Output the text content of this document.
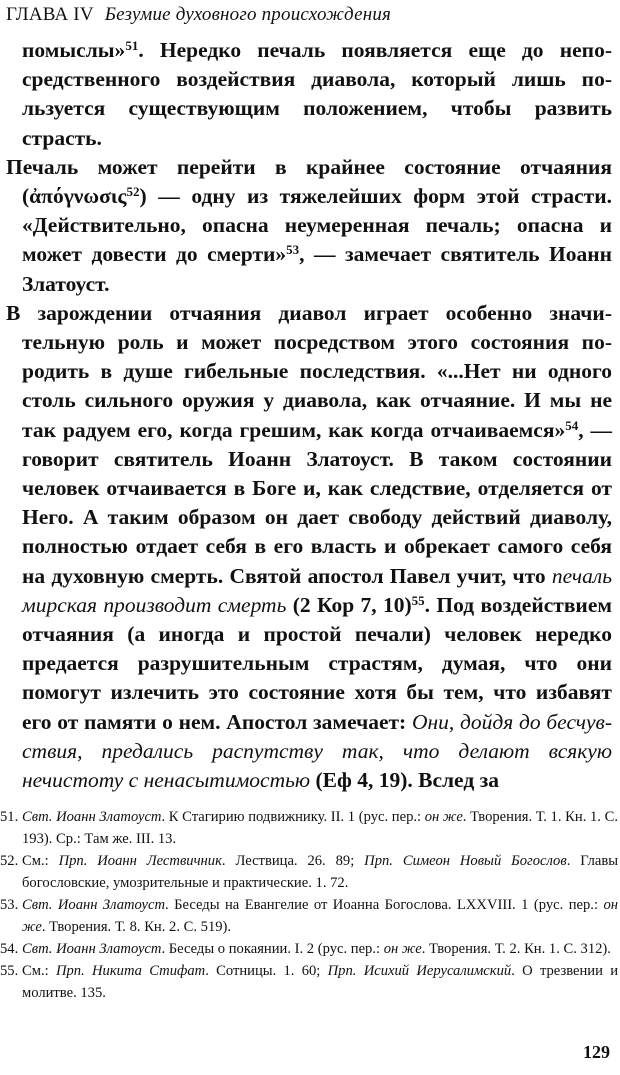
ГЛАВА IV Безумие духовного происхождения

помыслы»$^{51}$. Нередко печаль появляется еще до непосредственного воздействия диавола, который лишь пользуется существующим положением, чтобы развить страсть.

Печаль может перейти в крайнее состояние отчаяния (ἀπόγνωσις$^{52}$) — одну из тяжелейших форм этой страсти. «Действительно, опасна неумеренная печаль; опасна и может довести до смерти»$^{53}$, — замечает святитель Иоанн Златоуст.

В зарождении отчаяния диавол играет особенно значительную роль и может посредством этого состояния породить в душе гибельные последствия. «...Нет ни одного столь сильного оружия у диавола, как отчаяние. И мы не так радуем его, когда грешим, как когда отчаиваемся»$^{54}$, — говорит святитель Иоанн Златоуст. В таком состоянии человек отчаивается в Боге и, как следствие, отделяется от Него. А таким образом он дает свободу действий диаволу, полностью отдает себя в его власть и обрекает самого себя на духовную смерть. Святой апостол Павел учит, что печаль мирская производит смерть (2 Кор 7, 10)$^{55}$. Под воздействием отчаяния (а иногда и простой печали) человек нередко предается разрушительным страстям, думая, что они помогут излечить это состояние хотя бы тем, что избавят его от памяти о нем. Апостол замечает: Они, дойдя до бесчувствия, предались распутству так, что делают всякую нечистоту с ненасытимостью (Еф 4, 19). Вслед за

51. Свт. Иоанн Златоуст. К Стагирию подвижнику. II. 1 (рус. пер.: он же. Творения. Т. 1. Кн. 1. С. 193). Ср.: Там же. III. 13.

52. См.: Прп. Иоанн Лествичник. Лествица. 26. 89; Прп. Симеон Новый Богослов. Главы богословские, умозрительные и практические. 1. 72.

53. Свт. Иоанн Златоуст. Беседы на Евангелие от Иоанна Богослова. LXXVIII. 1 (рус. пер.: он же. Творения. Т. 8. Кн. 2. С. 519).

54. Свт. Иоанн Златоуст. Беседы о покаянии. I. 2 (рус. пер.: он же. Творения. Т. 2. Кн. 1. С. 312).

55. См.: Прп. Никита Стифат. Сотницы. 1. 60; Прп. Исихий Иерусалимский. О трезвении и молитве. 135.

129
